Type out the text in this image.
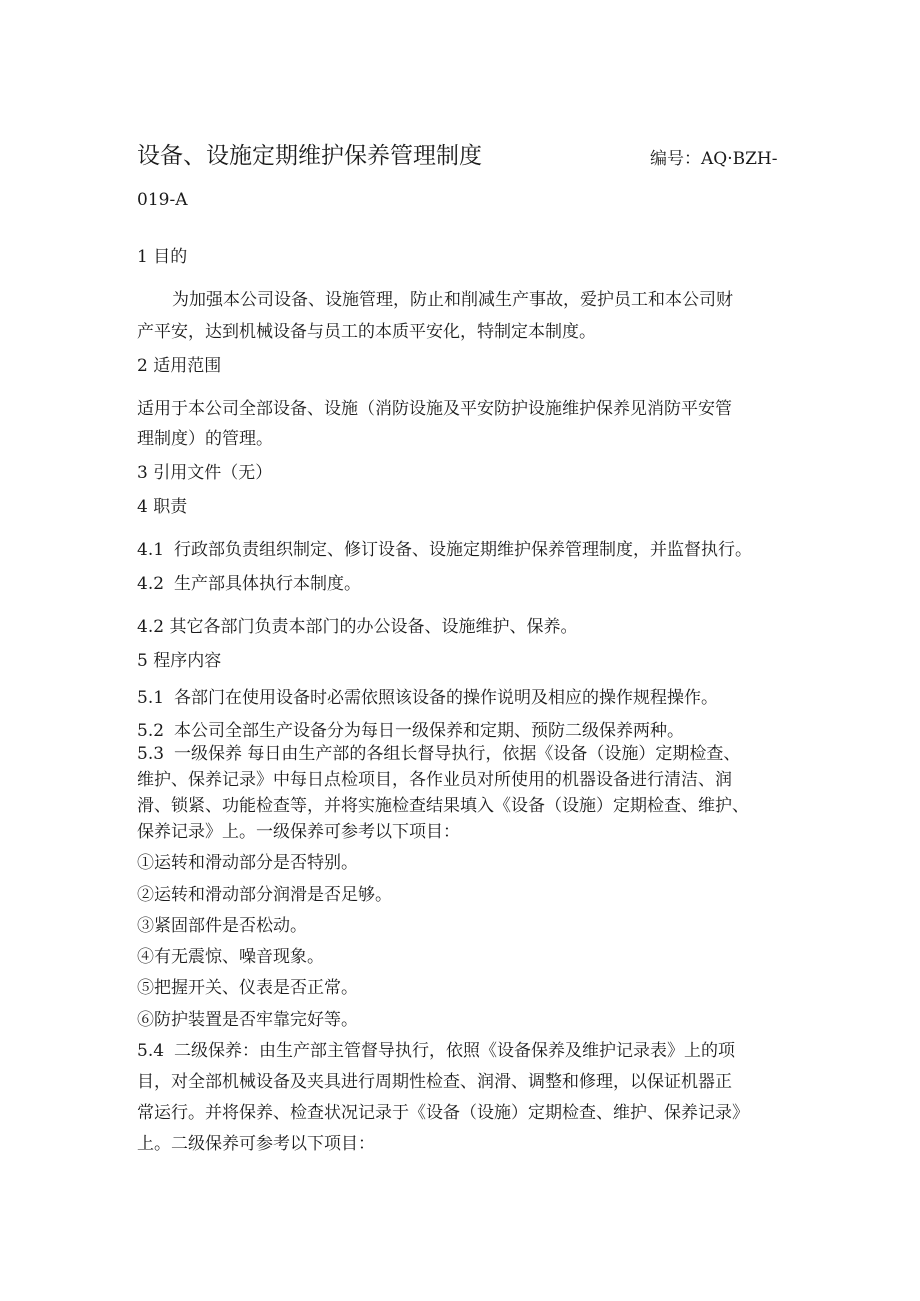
设备、设施定期维护保养管理制度	编号：AQ·BZH-
019-A
1 目的
为加强本公司设备、设施管理，防止和削减生产事故，爱护员工和本公司财
产平安，达到机械设备与员工的本质平安化，特制定本制度。
2 适用范围
适用于本公司全部设备、设施（消防设施及平安防护设施维护保养见消防平安管
理制度）的管理。
3 引用文件（无）
4 职责
4.1 行政部负责组织制定、修订设备、设施定期维护保养管理制度，并监督执行。
4.2 生产部具体执行本制度。
4.2 其它各部门负责本部门的办公设备、设施维护、保养。
5 程序内容
5.1 各部门在使用设备时必需依照该设备的操作说明及相应的操作规程操作。
5.2 本公司全部生产设备分为每日一级保养和定期、预防二级保养两种。
5.3 一级保养 每日由生产部的各组长督导执行，依据《设备（设施）定期检查、
维护、保养记录》中每日点检项目，各作业员对所使用的机器设备进行清洁、润
滑、锁紧、功能检查等，并将实施检查结果填入《设备（设施）定期检查、维护、
保养记录》上。一级保养可参考以下项目：
①运转和滑动部分是否特别。
②运转和滑动部分润滑是否足够。
③紧固部件是否松动。
④有无震惊、噪音现象。
⑤把握开关、仪表是否正常。
⑥防护装置是否牢靠完好等。
5.4 二级保养：由生产部主管督导执行，依照《设备保养及维护记录表》上的项
目，对全部机械设备及夹具进行周期性检查、润滑、调整和修理，以保证机器正
常运行。并将保养、检查状况记录于《设备（设施）定期检查、维护、保养记录》
上。二级保养可参考以下项目：
